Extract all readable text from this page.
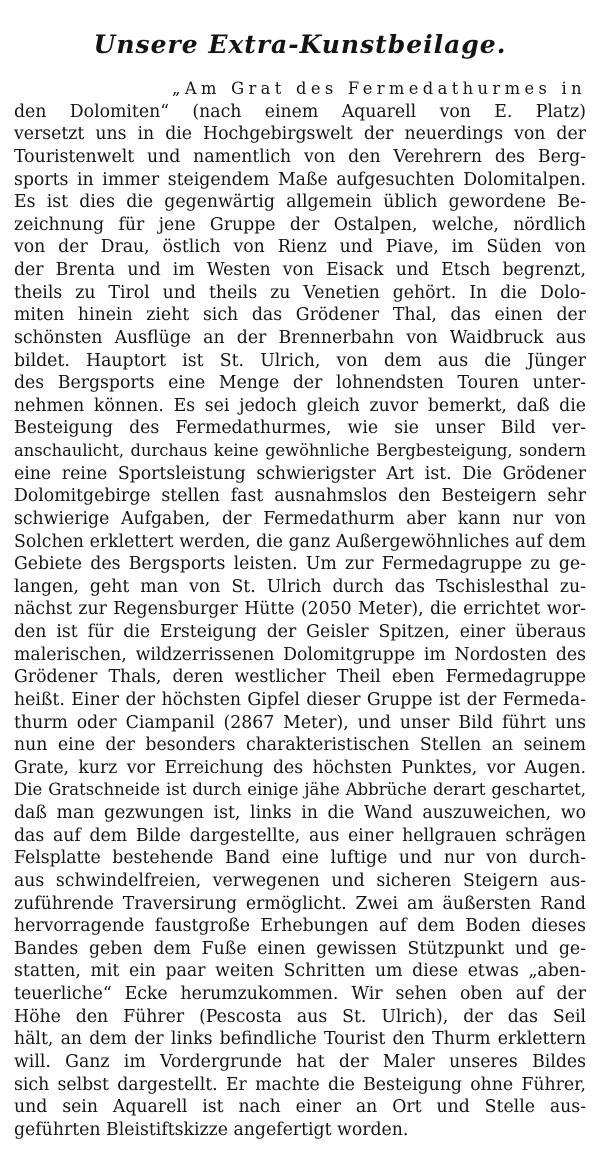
Unsere Extra-Kunstbeilage.
„Am Grat des Fermedathurmes in
den Dolomiten“ (nach einem Aquarell von E. Platz)
versetzt uns in die Hochgebirgswelt der neuerdings von der
Touristenwelt und namentlich von den Verehrern des Berg-
sports in immer steigendem Maße aufgesuchten Dolomitalpen.
Es ist dies die gegenwärtig allgemein üblich gewordene Be-
zeichnung für jene Gruppe der Ostalpen, welche, nördlich
von der Drau, östlich von Rienz und Piave, im Süden von
der Brenta und im Westen von Eisack und Etsch begrenzt,
theils zu Tirol und theils zu Venetien gehört. In die Dolo-
miten hinein zieht sich das Grödener Thal, das einen der
schönsten Ausflüge an der Brennerbahn von Waidbruck aus
bildet. Hauptort ist St. Ulrich, von dem aus die Jünger
des Bergsports eine Menge der lohnendsten Touren unter-
nehmen können. Es sei jedoch gleich zuvor bemerkt, daß die
Besteigung des Fermedathurmes, wie sie unser Bild ver-
anschaulicht, durchaus keine gewöhnliche Bergbesteigung, sondern
eine reine Sportsleistung schwierigster Art ist. Die Grödener
Dolomitgebirge stellen fast ausnahmslos den Besteigern sehr
schwierige Aufgaben, der Fermedathurm aber kann nur von
Solchen erklettert werden, die ganz Außergewöhnliches auf dem
Gebiete des Bergsports leisten. Um zur Fermedagruppe zu ge-
langen, geht man von St. Ulrich durch das Tschislesthal zu-
nächst zur Regensburger Hütte (2050 Meter), die errichtet wor-
den ist für die Ersteigung der Geisler Spitzen, einer überaus
malerischen, wildzerrissenen Dolomitgruppe im Nordosten des
Grödener Thals, deren westlicher Theil eben Fermedagruppe
heißt. Einer der höchsten Gipfel dieser Gruppe ist der Fermeda-
thurm oder Ciampanil (2867 Meter), und unser Bild führt uns
nun eine der besonders charakteristischen Stellen an seinem
Grate, kurz vor Erreichung des höchsten Punktes, vor Augen.
Die Gratschneide ist durch einige jähe Abbrüche derart geschartet,
daß man gezwungen ist, links in die Wand auszuweichen, wo
das auf dem Bilde dargestellte, aus einer hellgrauen schrägen
Felsplatte bestehende Band eine luftige und nur von durch-
aus schwindelfreien, verwegenen und sicheren Steigern aus-
zuführende Traversirung ermöglicht. Zwei am äußersten Rand
hervorragende faustgroße Erhebungen auf dem Boden dieses
Bandes geben dem Fuße einen gewissen Stützpunkt und ge-
statten, mit ein paar weiten Schritten um diese etwas „aben-
teuerliche“ Ecke herumzukommen. Wir sehen oben auf der
Höhe den Führer (Pescosta aus St. Ulrich), der das Seil
hält, an dem der links befindliche Tourist den Thurm erklettern
will. Ganz im Vordergrunde hat der Maler unseres Bildes
sich selbst dargestellt. Er machte die Besteigung ohne Führer,
und sein Aquarell ist nach einer an Ort und Stelle aus-
geführten Bleistiftskizze angefertigt worden.
